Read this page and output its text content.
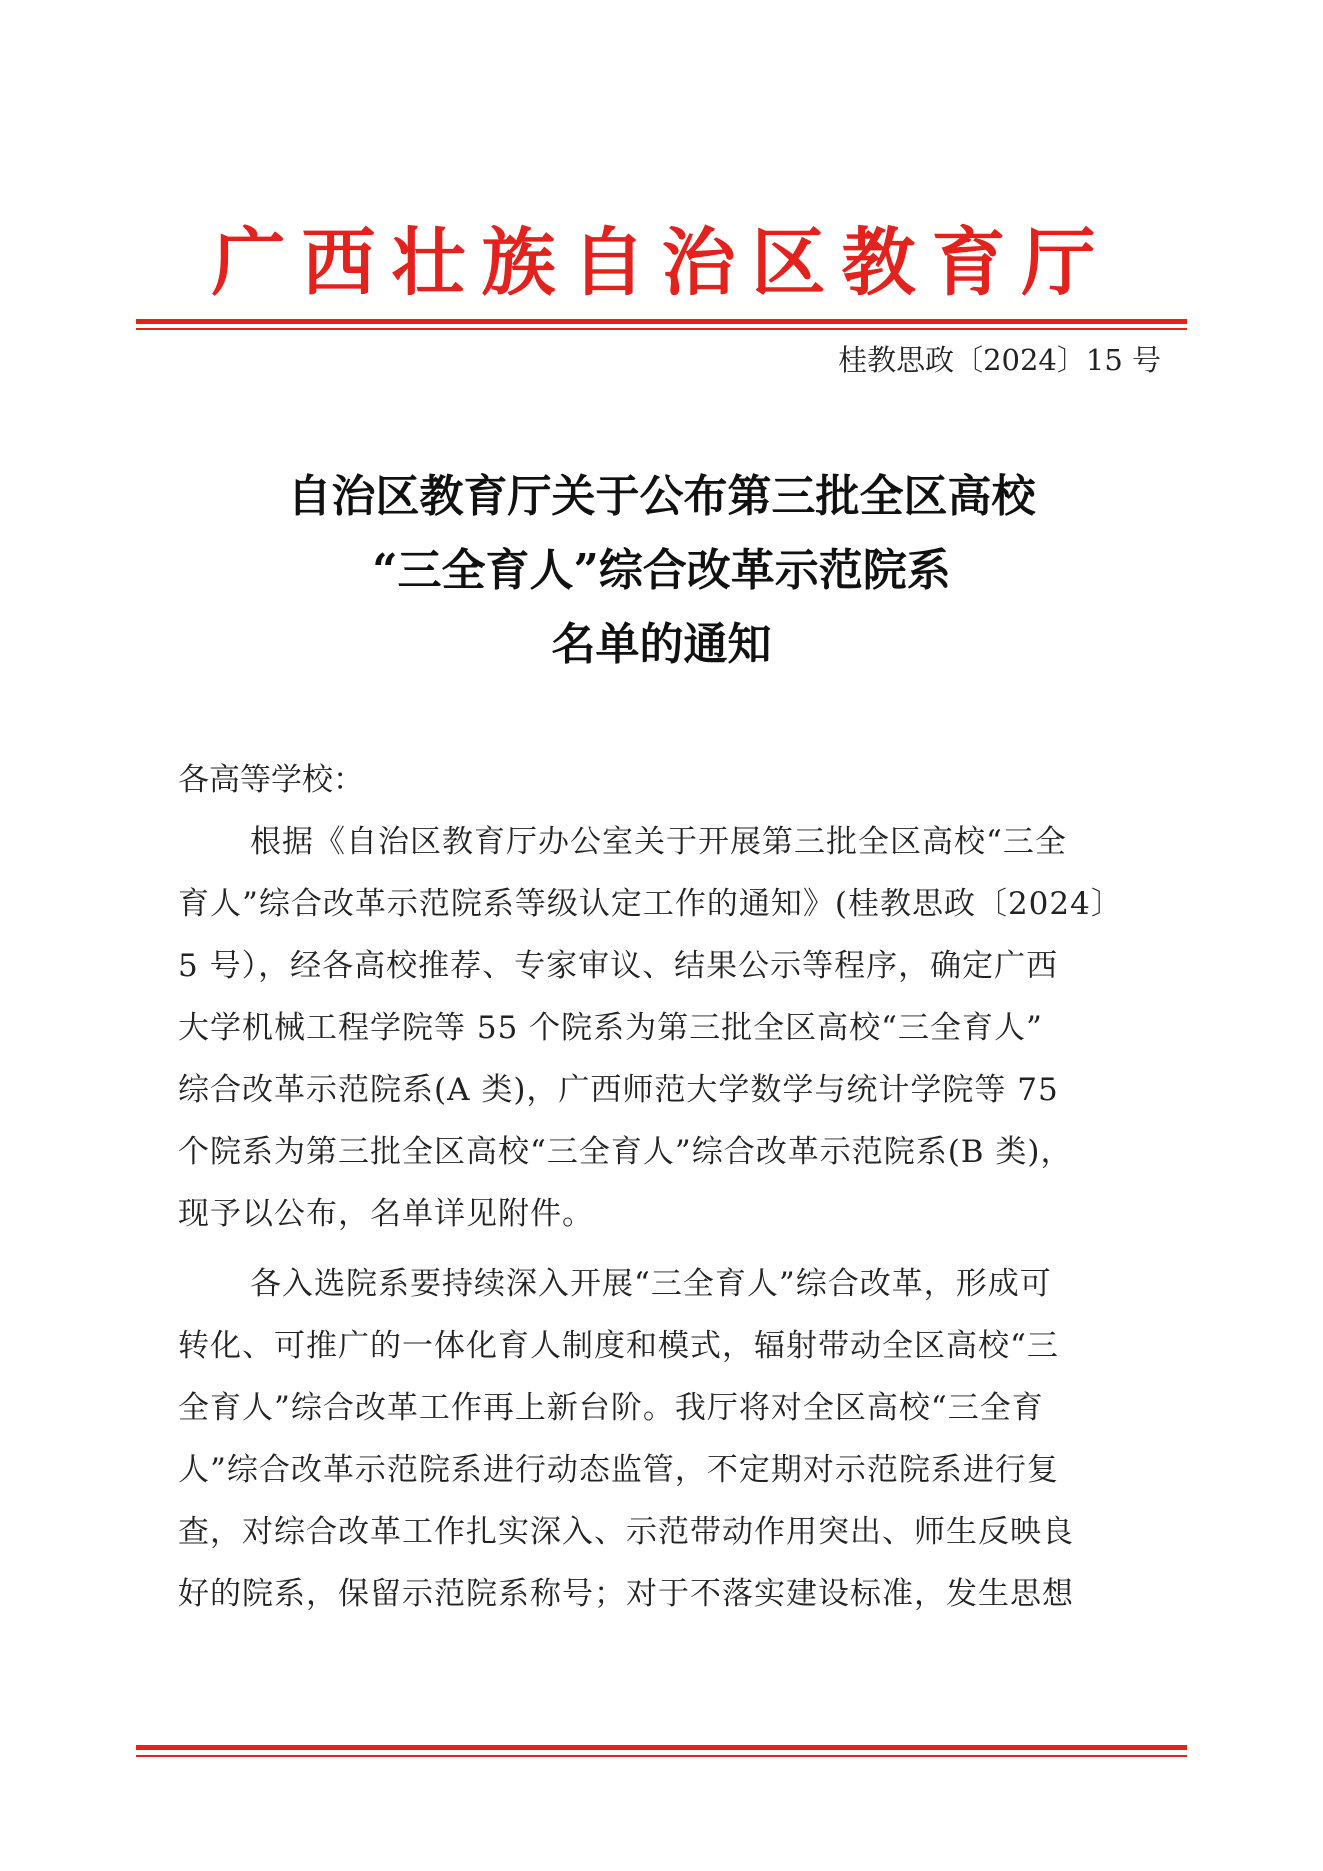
广西壮族自治区教育厅
桂教思政〔2024〕15 号
自治区教育厅关于公布第三批全区高校
“三全育人”综合改革示范院系
名单的通知
各高等学校：
根据《自治区教育厅办公室关于开展第三批全区高校“三全
育人”综合改革示范院系等级认定工作的通知》(桂教思政〔2024〕
5 号），经各高校推荐、专家审议、结果公示等程序，确定广西
大学机械工程学院等 55 个院系为第三批全区高校“三全育人”
综合改革示范院系(A 类)，广西师范大学数学与统计学院等 75
个院系为第三批全区高校“三全育人”综合改革示范院系(B 类)，
现予以公布，名单详见附件。
各入选院系要持续深入开展“三全育人”综合改革，形成可
转化、可推广的一体化育人制度和模式，辐射带动全区高校“三
全育人”综合改革工作再上新台阶。我厅将对全区高校“三全育
人”综合改革示范院系进行动态监管，不定期对示范院系进行复
查，对综合改革工作扎实深入、示范带动作用突出、师生反映良
好的院系，保留示范院系称号；对于不落实建设标准，发生思想
